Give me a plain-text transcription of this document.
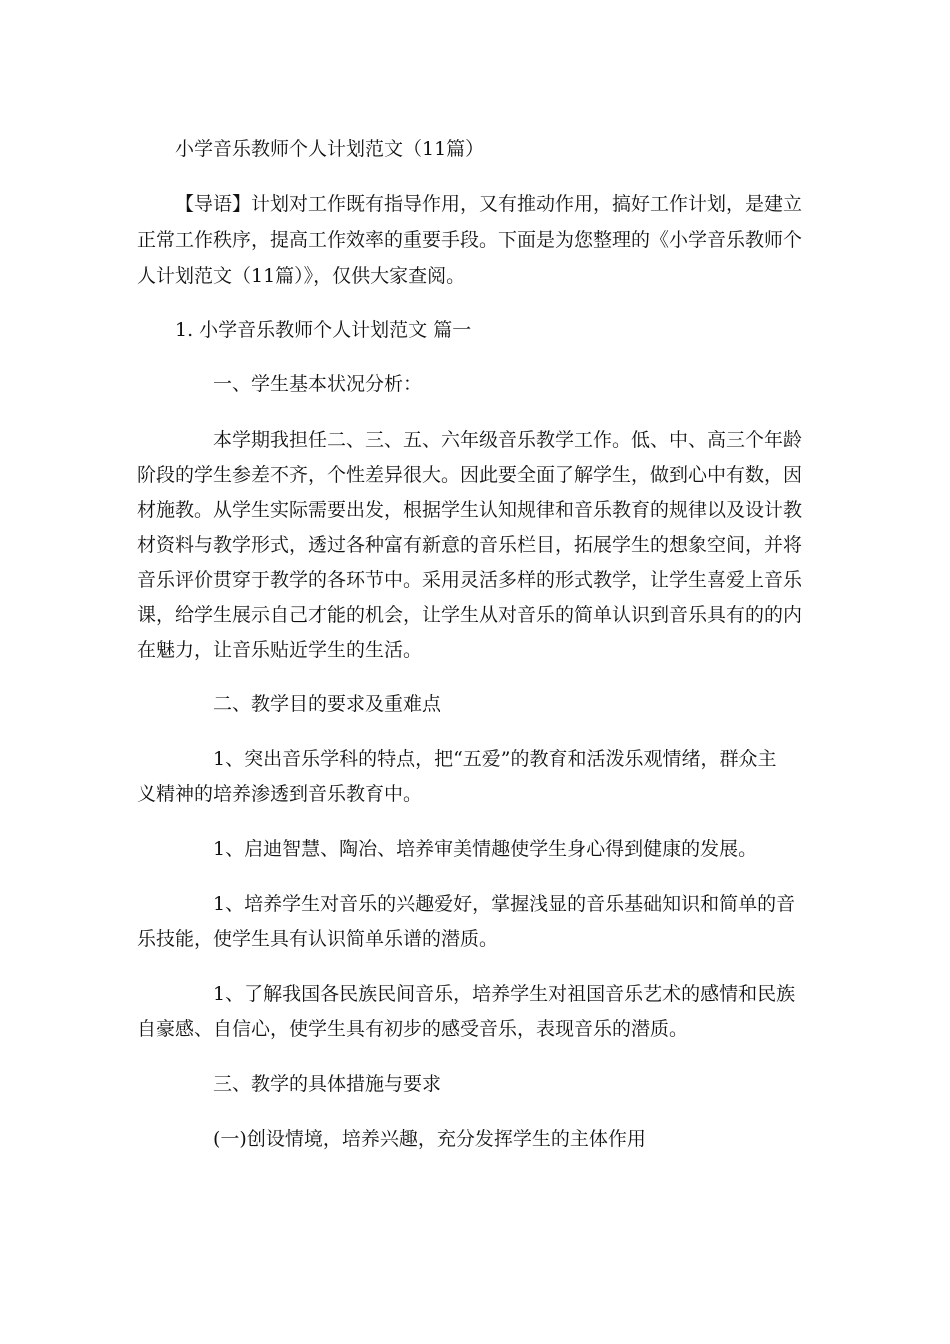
小学音乐教师个人计划范文（11篇）
【导语】计划对工作既有指导作用，又有推动作用，搞好工作计划，是建立
正常工作秩序，提高工作效率的重要手段。下面是为您整理的《小学音乐教师个
人计划范文（11篇）》，仅供大家查阅。
1. 小学音乐教师个人计划范文 篇一
一、学生基本状况分析：
本学期我担任二、三、五、六年级音乐教学工作。低、中、高三个年龄
阶段的学生参差不齐，个性差异很大。因此要全面了解学生，做到心中有数，因
材施教。从学生实际需要出发，根据学生认知规律和音乐教育的规律以及设计教
材资料与教学形式，透过各种富有新意的音乐栏目，拓展学生的想象空间，并将
音乐评价贯穿于教学的各环节中。采用灵活多样的形式教学，让学生喜爱上音乐
课，给学生展示自己才能的机会，让学生从对音乐的简单认识到音乐具有的的内
在魅力，让音乐贴近学生的生活。
二、教学目的要求及重难点
1、突出音乐学科的特点，把“五爱”的教育和活泼乐观情绪，群众主
义精神的培养渗透到音乐教育中。
1、启迪智慧、陶冶、培养审美情趣使学生身心得到健康的发展。
1、培养学生对音乐的兴趣爱好，掌握浅显的音乐基础知识和简单的音
乐技能，使学生具有认识简单乐谱的潜质。
1、了解我国各民族民间音乐，培养学生对祖国音乐艺术的感情和民族
自豪感、自信心，使学生具有初步的感受音乐，表现音乐的潜质。
三、教学的具体措施与要求
(一)创设情境，培养兴趣，充分发挥学生的主体作用
